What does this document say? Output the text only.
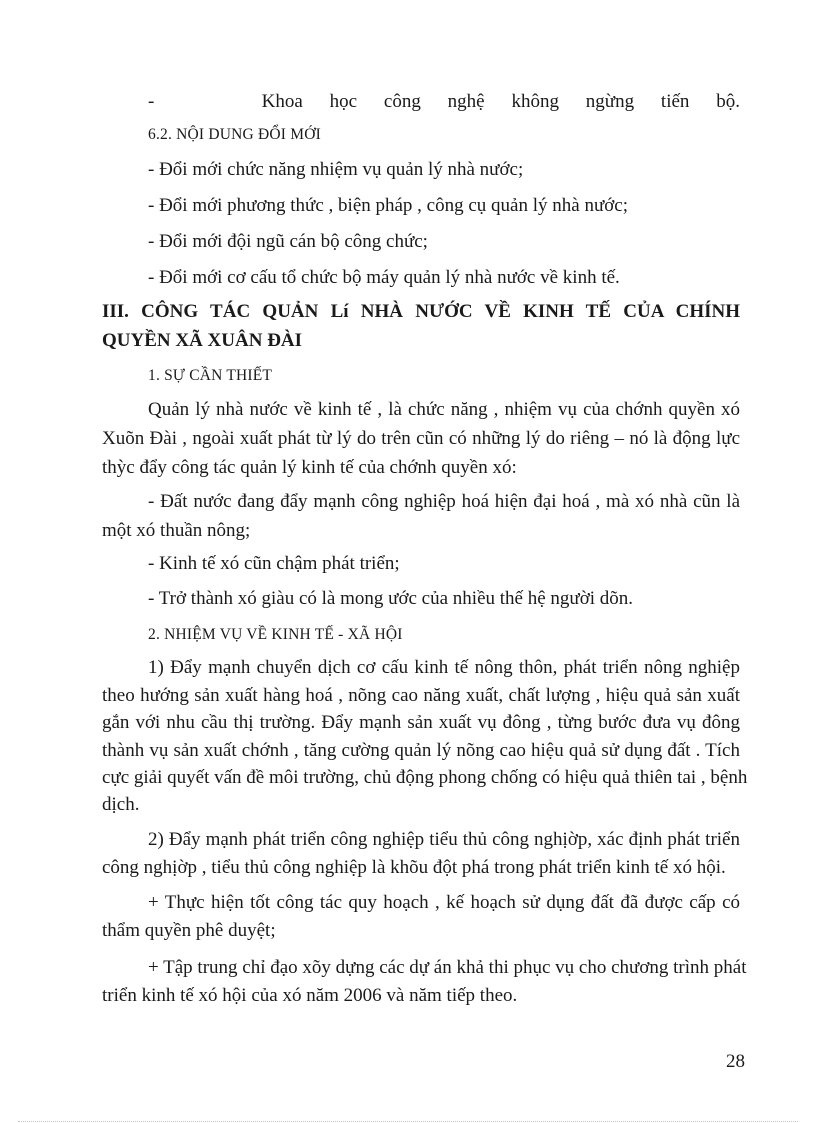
-    Khoa học công nghệ không ngừng tiến bộ.
6.2. NỘI DUNG ĐỔI MỚI
- Đổi mới chức năng nhiệm vụ quản lý nhà nước;
- Đổi mới phương thức , biện pháp , công cụ quản lý nhà nước;
- Đổi mới đội ngũ cán bộ công chức;
- Đổi mới cơ cấu tổ chức bộ máy quản lý nhà nước về kinh tế.
III. CÔNG TÁC QUẢN Lí NHÀ NƯỚC VỀ KINH TẾ CỦA CHÍNH
QUYỀN XÃ XUÂN ĐÀI
1. SỰ CẦN THIẾT
Quản lý nhà nước về kinh tế , là chức năng , nhiệm vụ của chớnh quyền xó
Xuõn Đài , ngoài xuất phát từ lý do trên cũn có những lý do riêng – nó là động lực
thỳc đẩy công tác quản lý kinh tế của chớnh quyền xó:
- Đất nước đang đẩy mạnh công nghiệp hoá hiện đại hoá , mà xó nhà cũn là
một xó thuần nông;
- Kinh tế xó cũn chậm phát triển;
- Trở thành xó giàu có là mong ước của nhiều thế hệ người dõn.
2. NHIỆM VỤ VỀ KINH TẾ - XÃ HỘI
1) Đẩy mạnh chuyển dịch cơ cấu kinh tế nông thôn, phát triển nông nghiệp
theo hướng sản xuất hàng hoá , nõng cao năng xuất, chất lượng , hiệu quả sản xuất
gắn với nhu cầu thị trường. Đẩy mạnh sản xuất vụ đông , từng bước đưa vụ đông
thành vụ sản xuất chớnh , tăng cường quản lý nõng cao hiệu quả sử dụng đất . Tích
cực giải quyết vấn đề môi trường, chủ động phong chống có hiệu quả thiên tai , bệnh
dịch.
2) Đẩy mạnh phát triển công nghiệp tiểu thủ công nghịờp, xác định phát triển
công nghịờp , tiểu thủ công nghiệp là khõu đột phá trong phát triển kinh tế xó hội.
+ Thực hiện tốt công tác quy hoạch , kế hoạch sử dụng đất đã được cấp có
thẩm quyền phê duyệt;
+ Tập trung chỉ đạo xõy dựng các dự án khả thi phục vụ cho chương trình phát
triển kinh tế xó hội của xó năm 2006 và năm tiếp theo.
28
